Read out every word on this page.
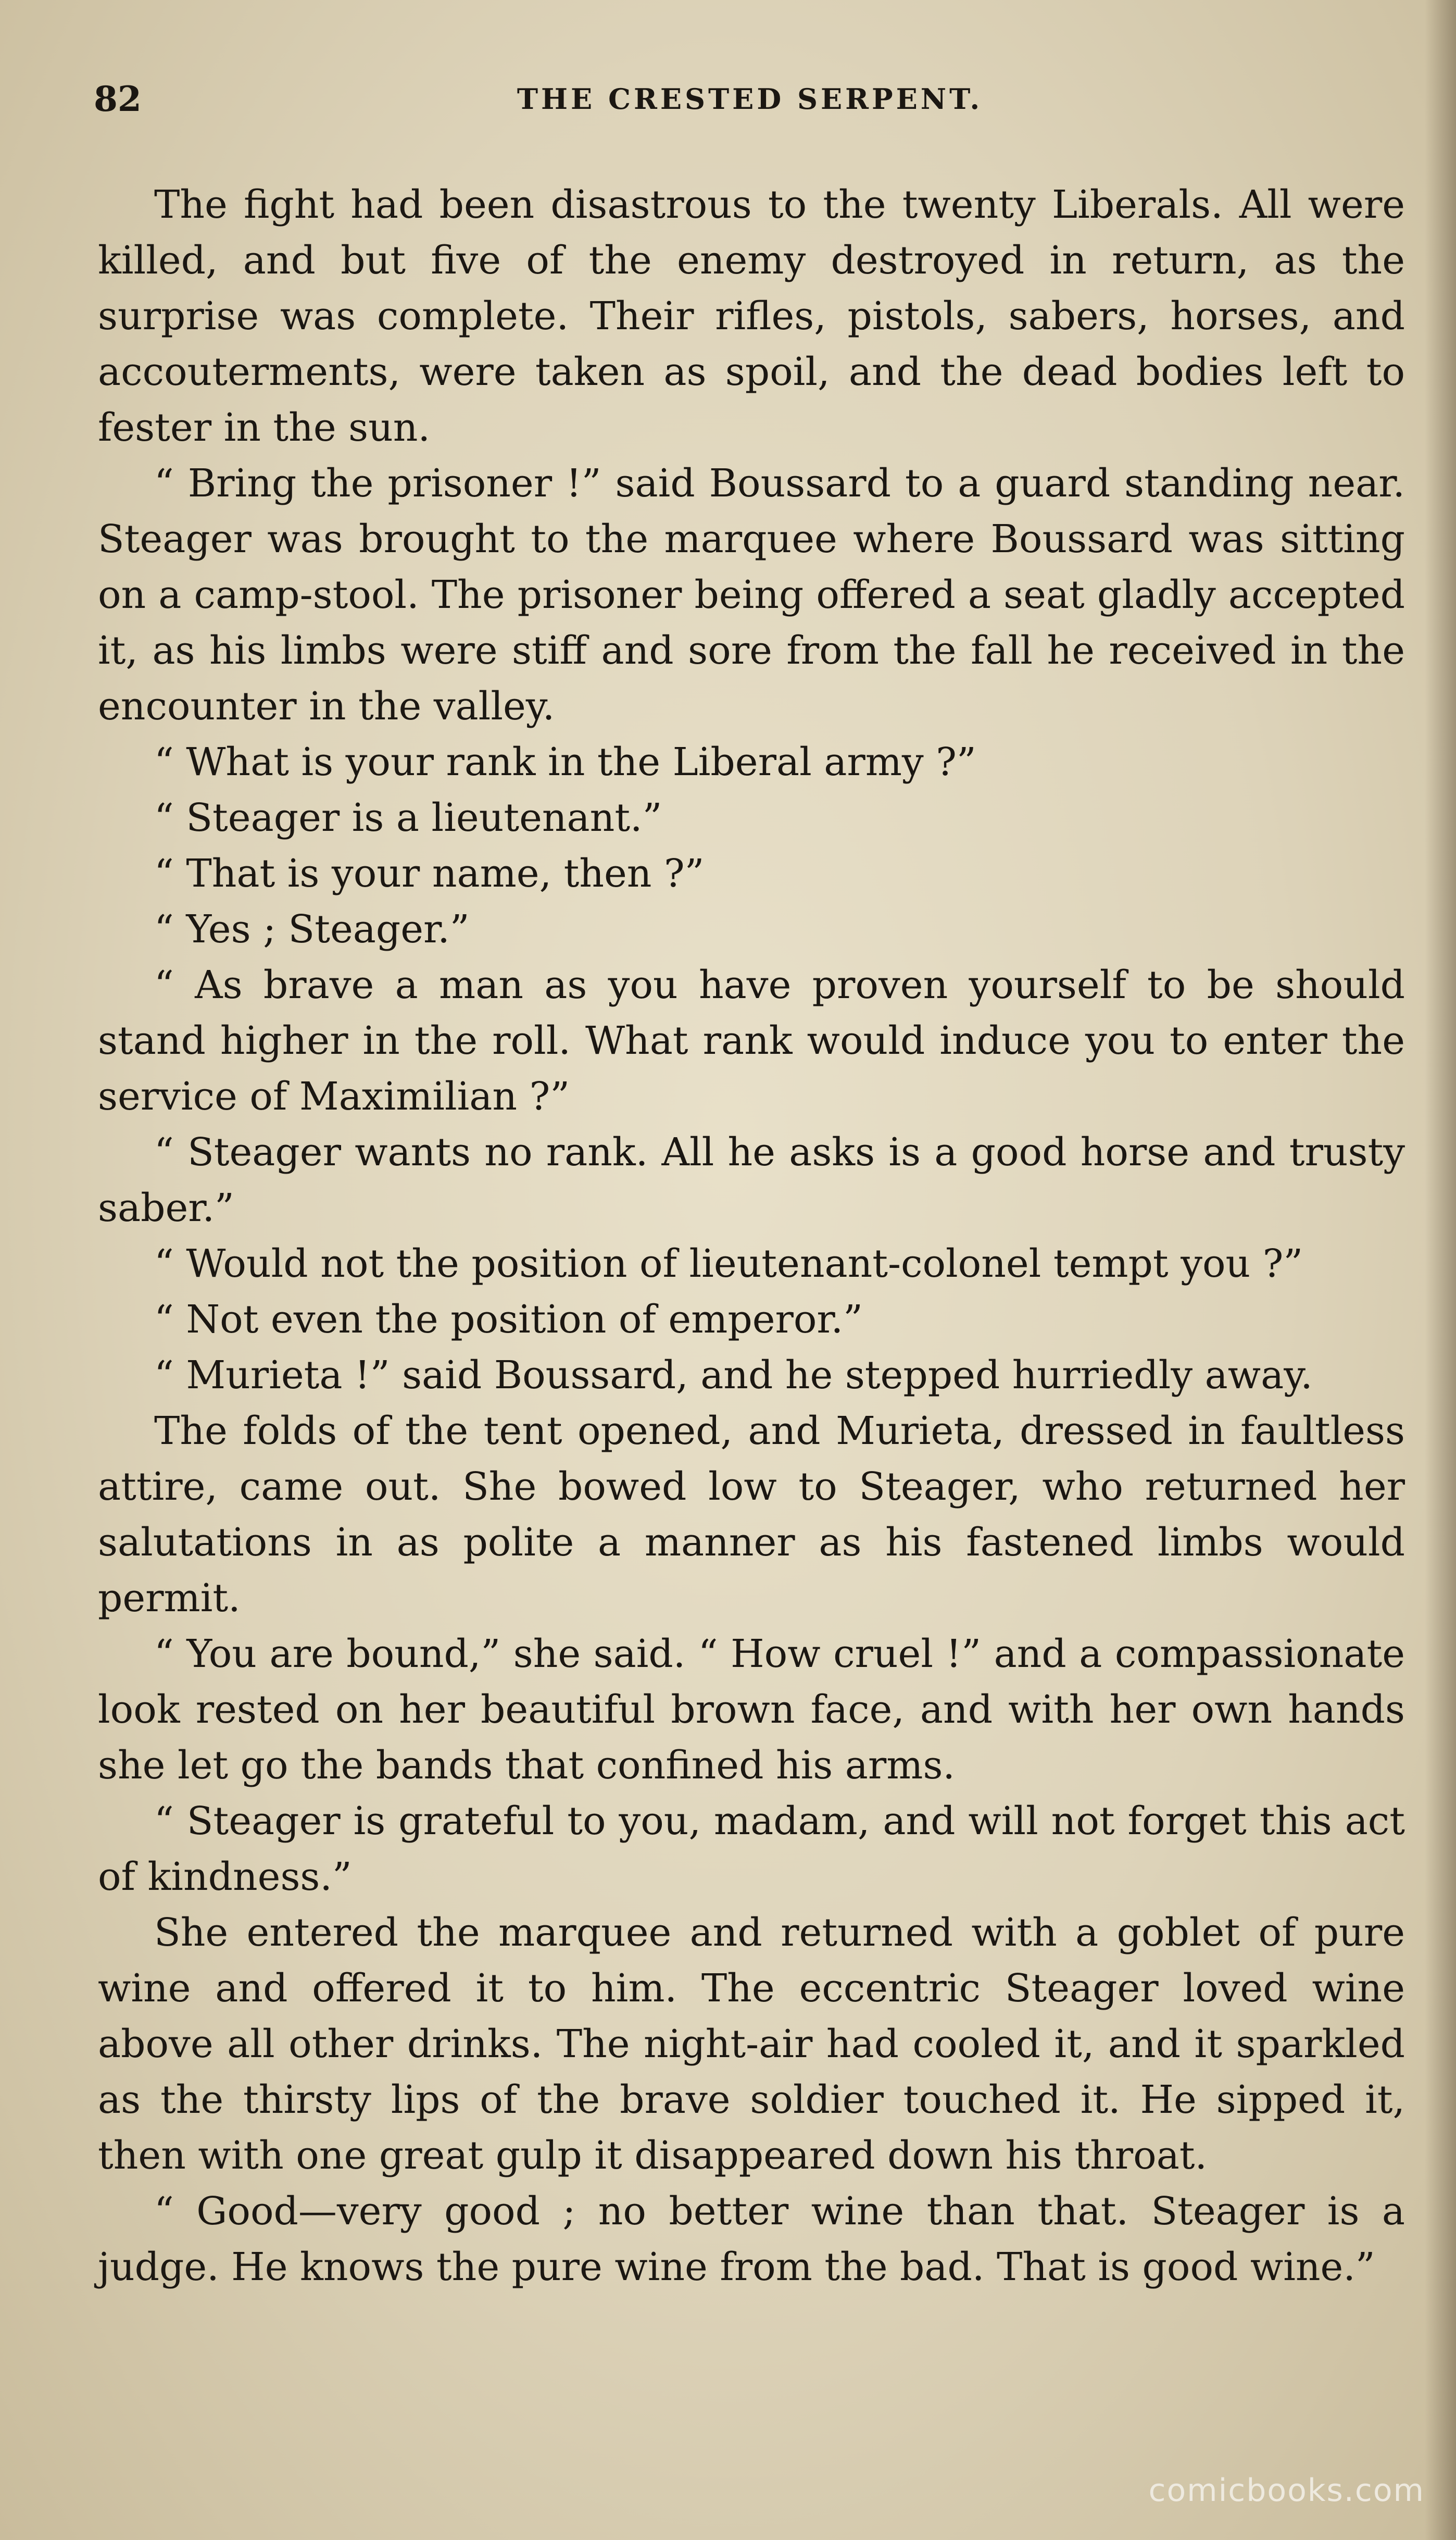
82	THE CRESTED SERPENT.

The fight had been disastrous to the twenty Liberals. All were killed, and but five of the enemy destroyed in return, as the surprise was complete. Their rifles, pistols, sabers, horses, and accouterments, were taken as spoil, and the dead bodies left to fester in the sun.

“ Bring the prisoner !” said Boussard to a guard standing near. Steager was brought to the marquee where Boussard was sitting on a camp-stool. The prisoner being offered a seat gladly accepted it, as his limbs were stiff and sore from the fall he received in the encounter in the valley.

“ What is your rank in the Liberal army ?”

“ Steager is a lieutenant.”

“ That is your name, then ?”

“ Yes ; Steager.”

“ As brave a man as you have proven yourself to be should stand higher in the roll. What rank would induce you to enter the service of Maximilian ?”

“ Steager wants no rank. All he asks is a good horse and trusty saber.”

“ Would not the position of lieutenant-colonel tempt you ?”

“ Not even the position of emperor.”

“ Murieta !” said Boussard, and he stepped hurriedly away.

The folds of the tent opened, and Murieta, dressed in faultless attire, came out. She bowed low to Steager, who returned her salutations in as polite a manner as his fastened limbs would permit.

“ You are bound,” she said. “ How cruel !” and a compassionate look rested on her beautiful brown face, and with her own hands she let go the bands that confined his arms.

“ Steager is grateful to you, madam, and will not forget this act of kindness.”

She entered the marquee and returned with a goblet of pure wine and offered it to him. The eccentric Steager loved wine above all other drinks. The night-air had cooled it, and it sparkled as the thirsty lips of the brave soldier touched it. He sipped it, then with one great gulp it disappeared down his throat.

“ Good—very good ; no better wine than that. Steager is a judge. He knows the pure wine from the bad. That is good wine.”

comicbooks.com
